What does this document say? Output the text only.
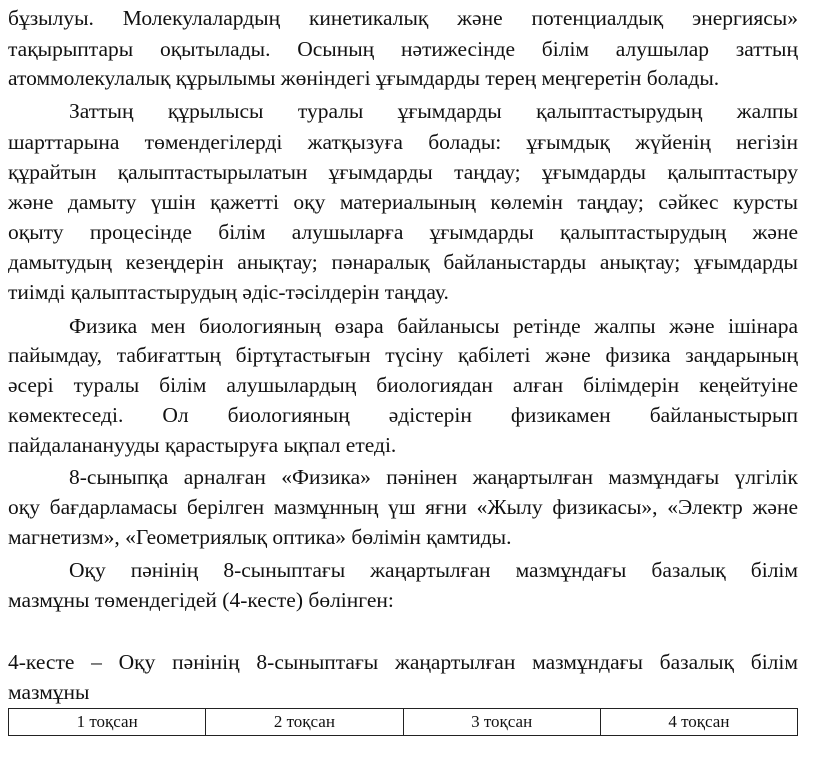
бұзылуы. Молекулалардың кинетикалық және потенциалдық энергиясы»
тақырыптары оқытылады. Осының нәтижесінде білім алушылар заттың
атоммолекулалық құрылымы жөніндегі ұғымдарды терең меңгеретін болады.
Заттың құрылысы туралы ұғымдарды қалыптастырудың жалпы
шарттарына төмендегілерді жатқызуға болады: ұғымдық жүйенің негізін
құрайтын қалыптастырылатын ұғымдарды таңдау; ұғымдарды қалыптастыру
және дамыту үшін қажетті оқу материалының көлемін таңдау; сәйкес курсты
оқыту процесінде білім алушыларға ұғымдарды қалыптастырудың және
дамытудың кезеңдерін анықтау; пәнаралық байланыстарды анықтау; ұғымдарды
тиімді қалыптастырудың әдіс-тәсілдерін таңдау.
Физика мен биологияның өзара байланысы ретінде жалпы және ішінара
пайымдау, табиғаттың біртұтастығын түсіну қабілеті және физика заңдарының
әсері туралы білім алушылардың биологиядан алған білімдерін кеңейтуіне
көмектеседі. Ол биологияның әдістерін физикамен байланыстырып
пайдалананууды қарастыруға ықпал етеді.
8-сыныпқа арналған «Физика» пәнінен жаңартылған мазмұндағы үлгілік
оқу бағдарламасы берілген мазмұнның үш яғни «Жылу физикасы», «Электр және
магнетизм», «Геометриялық оптика» бөлімін қамтиды.
Оқу пәнінің 8-сыныптағы жаңартылған мазмұндағы базалық білім
мазмұны төмендегідей (4-кесте) бөлінген:
4-кесте – Оқу пәнінің 8-сыныптағы жаңартылған мазмұндағы базалық білім
мазмұны
1 тоқсан	2 тоқсан	3 тоқсан	4 тоқсан
